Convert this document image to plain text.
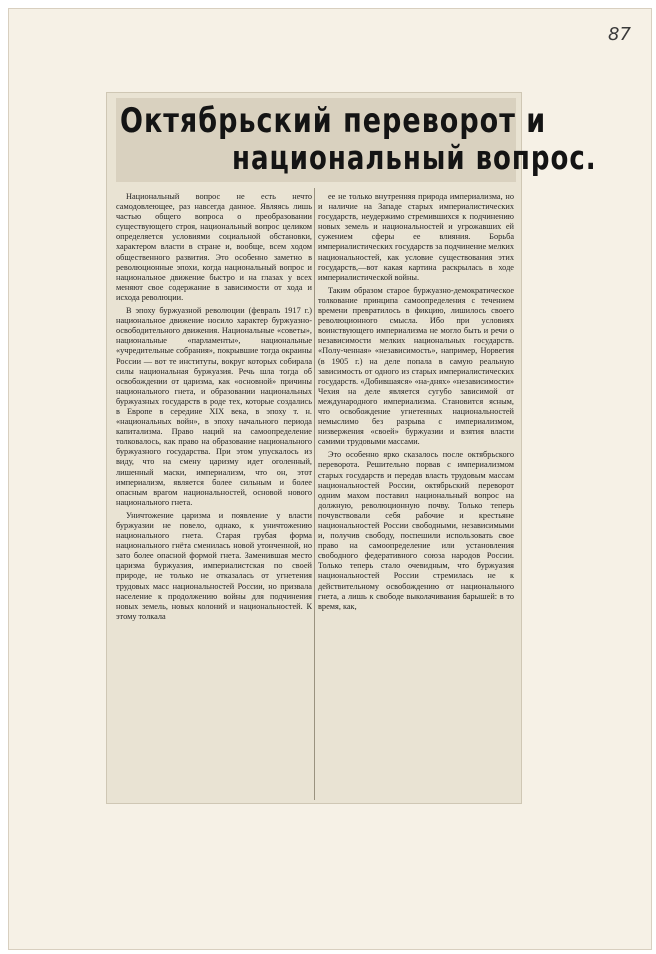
87
Октябрьский переворот и
национальный вопрос.

Национальный вопрос не есть нечто самодовлеющее, раз навсегда данное. Являясь лишь частью общего вопроса о преобразовании существующего строя, национальный вопрос целиком определяется условиями социальной обстановки, характером власти в стране и, вообще, всем ходом общественного развития. Это особенно заметно в революционные эпохи, когда национальный вопрос и национальное движение быстро и на глазах у всех меняют свое содержание в зависимости от хода и исхода революции.

В эпоху буржуазной революции (февраль 1917 г.) национальное движение носило характер буржуазно-освободительного движения. Национальные «советы», национальные «парламенты», национальные «учредительные собрания», покрывшие тогда окраины России — вот те институты, вокруг которых собирала силы национальная буржуазия. Речь шла тогда об освобождении от царизма, как «основной» причины национального гнета, и образовании национальных буржуазных государств в роде тех, которые создались в Европе в середине XIX века, в эпоху т. н. «национальных войн», в эпоху начального периода капитализма. Право наций на самоопределение толковалось, как право на образование национального буржуазного государства. При этом упускалось из виду, что на смену царизму идет оголенный, лишенный маски, империализм, что он, этот империализм, является более сильным и более опасным врагом национальностей, основой нового национального гнета.

Уничтожение царизма и появление у власти буржуазии не повело, однако, к уничтожению национального гнета. Старая грубая форма национального гнёта сменилась новой утонченной, но зато более опасной формой гнета. Заменившая место царизма буржуазия, империалистская по своей природе, не только не отказалась от угнетения трудовых масс национальностей России, но призвала население к продолжению войны для подчинения новых земель, новых колоний и национальностей. К этому толкала

ее не только внутренняя природа империализма, но и наличие на Западе старых империалистических государств, неудержимо стремившихся к подчинению новых земель и национальностей и угрожавших ей сужением сферы ее влияния. Борьба империалистических государств за подчинение мелких национальностей, как условие существования этих государств,—вот какая картина раскрылась в ходе империалистической войны.

Таким образом старое буржуазно-демократическое толкование принципа самоопределения с течением времени превратилось в фикцию, лишилось своего революционного смысла. Ибо при условиях воинствующего империализма не могло быть и речи о независимости мелких национальных государств. «Полу-ченная» «независимость», например, Норвегия (в 1905 г.) на деле попала в самую реальную зависимость от одного из старых империалистических государств. «Добившаяся» «на-днях» «независимости» Чехия на деле является сугубо зависимой от международного империализма. Становится ясным, что освобождение угнетенных национальностей немыслимо без разрыва с империализмом, низвержения «своей» буржуазии и взятия власти самими трудовыми массами.

Это особенно ярко сказалось после октябрьского переворота. Решительно порвав с империализмом старых государств и передав власть трудовым массам национальностей России, октябрьский переворот одним махом поставил национальный вопрос на должную, революционную почву. Только теперь почувствовали себя рабочие и крестьяне национальностей России свободными, независимыми и, получив свободу, поспешили использовать свое право на самоопределение или установления свободного федеративного союза народов России. Только теперь стало очевидным, что буржуазия национальностей России стремилась не к действительному освобождению от национального гнета, а лишь к свободе выколачивания барышей: в то время, как,
